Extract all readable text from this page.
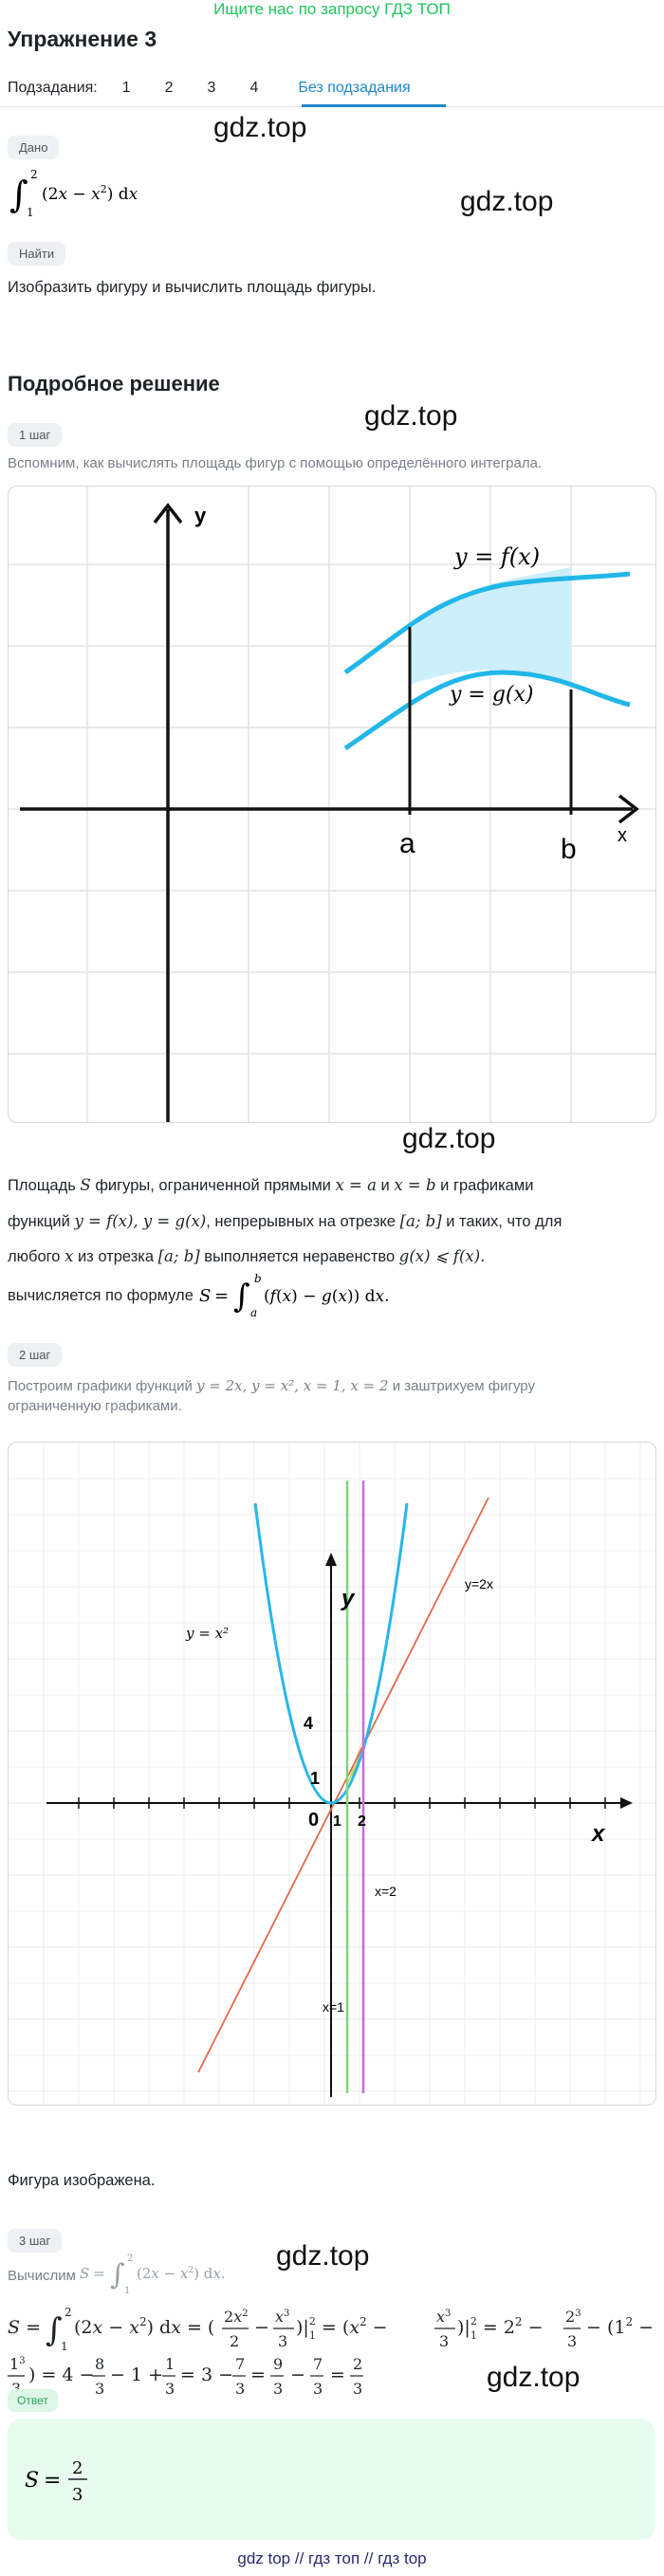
Ищите нас по запросу ГДЗ ТОП
Упражнение 3
Подзадания: 1 2 3 4	Без подзадания
gdz.top
gdz.top
gdz.top
gdz.top
gdz.top
gdz.top
Дано
∫ 2
1
$(2x - x^2)$ dx
Найти
Изобразить фигуру и вычислить площадь фигуры.
Подробное решение
1 шаг
Вспомним, как вычислять площадь фигур с помощью определённого интеграла.
y
x
a	b
y = f(x)
y = g(x)
Площадь S фигуры, ограниченной прямыми x = a и x = b и графиками
функций y = f(x), y = g(x), непрерывных на отрезке [a; b] и таких, что для
любого x из отрезка [a; b] выполняется неравенство g(x) ⩽ f(x).
вычисляется по формуле S = ∫ b
a
(f(x) − g(x)) dx.
2 шаг
Построим графики функций y = 2x, y = x², x = 1, x = 2 и заштрихуем фигуру
ограниченную графиками.
y
x
y=2x
y = x²
x=2
x=1
4
1
0 1 2
Фигура изображена.
3 шаг
Вычислим S = ∫ 2
1
$(2x - x^2)$ dx.
S = ∫ 2
1
$(2x - x^2)$ dx = (
$2x^2$
2
−
$x^3$
3
)$|^2$ $1 = (x^2$ −
$x^3$
3
)$|^2$ $1 = 2^2$ −
$2^3$
3
− ($1^2$ −
$1^3$
) = 4 −
8
3
− 1 +
1
3
= 3 −
7
3
=
9
3
−
7
3
=
2
3
Ответ
S =
2
3
gdz top // гдз топ // гдз top
